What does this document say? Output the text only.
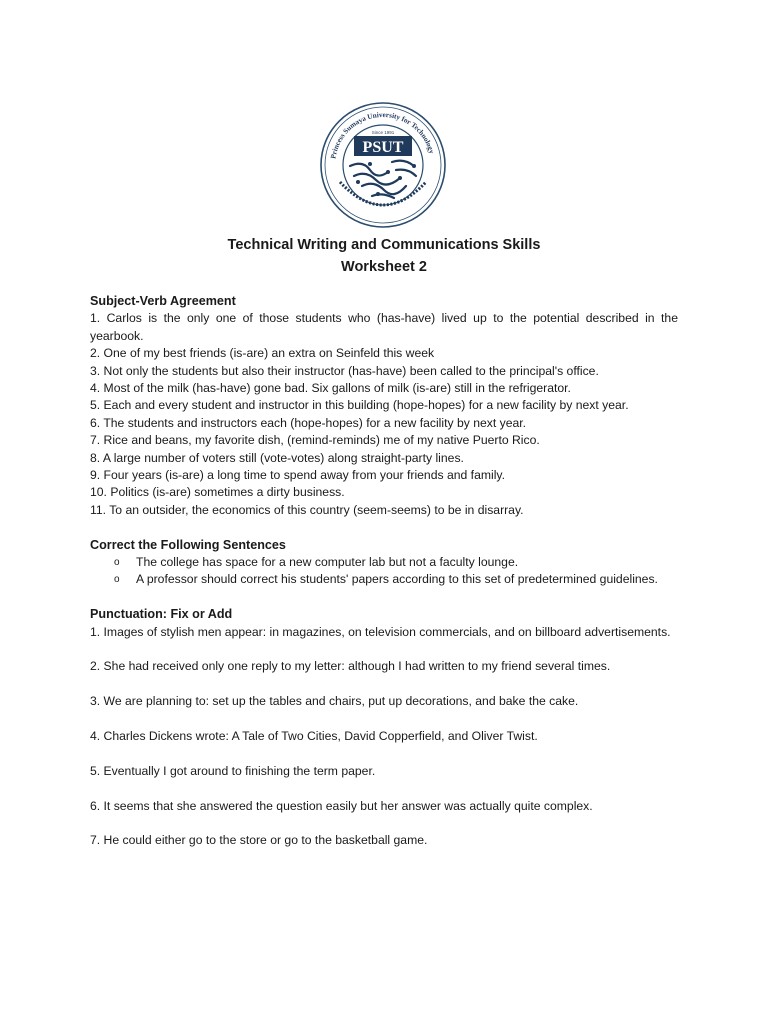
Princess Sumaya University for Technology
PSUT
Since 1991
Technical Writing and Communications Skills
Worksheet 2
Subject-Verb Agreement
1. Carlos is the only one of those students who (has-have) lived up to the potential described in the yearbook.
2. One of my best friends (is-are) an extra on Seinfeld this week
3. Not only the students but also their instructor (has-have) been called to the principal's office.
4. Most of the milk (has-have) gone bad. Six gallons of milk (is-are) still in the refrigerator.
5. Each and every student and instructor in this building (hope-hopes) for a new facility by next year.
6. The students and instructors each (hope-hopes) for a new facility by next year.
7. Rice and beans, my favorite dish, (remind-reminds) me of my native Puerto Rico.
8. A large number of voters still (vote-votes) along straight-party lines.
9. Four years (is-are) a long time to spend away from your friends and family.
10. Politics (is-are) sometimes a dirty business.
11. To an outsider, the economics of this country (seem-seems) to be in disarray.
Correct the Following Sentences
o The college has space for a new computer lab but not a faculty lounge.
o A professor should correct his students' papers according to this set of predetermined guidelines.
Punctuation: Fix or Add
1. Images of stylish men appear: in magazines, on television commercials, and on billboard advertisements.
2. She had received only one reply to my letter: although I had written to my friend several times.
3. We are planning to: set up the tables and chairs, put up decorations, and bake the cake.
4. Charles Dickens wrote: A Tale of Two Cities, David Copperfield, and Oliver Twist.
5. Eventually I got around to finishing the term paper.
6. It seems that she answered the question easily but her answer was actually quite complex.
7. He could either go to the store or go to the basketball game.
